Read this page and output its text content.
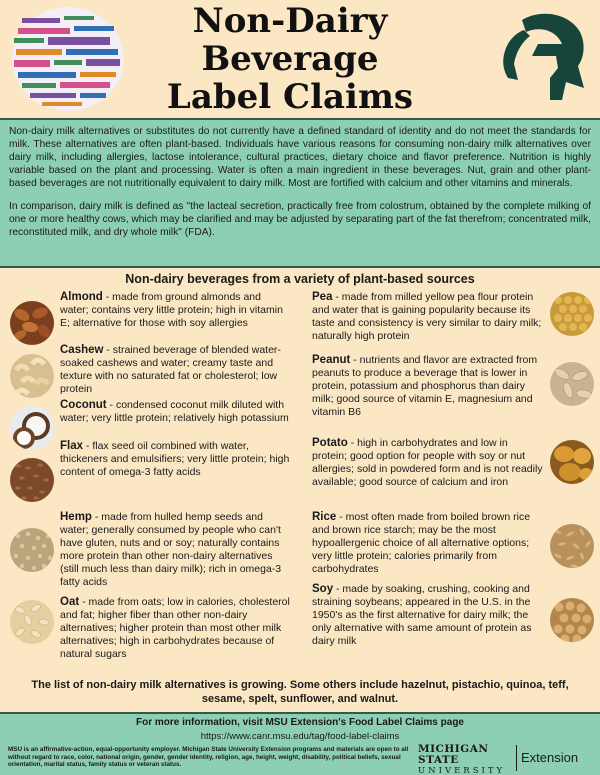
Non-Dairy
Beverage
Label Claims

Non-dairy milk alternatives or substitutes do not currently have a defined standard of identity and do not meet the standards for milk. These alternatives are often plant-based. Individuals have various reasons for consuming non-dairy milk alternatives over dairy milk, including allergies, lactose intolerance, cultural practices, dietary choice and flavor preference. Nutrition is highly variable based on the plant and processing. Water is often a main ingredient in these beverages. Nut, grain and other plant-based beverages are not nutritionally equivalent to dairy milk. Most are fortified with calcium and other vitamins and minerals.

In comparison, dairy milk is defined as "the lacteal secretion, practically free from colostrum, obtained by the complete milking of one or more healthy cows, which may be clarified and may be adjusted by separating part of the fat therefrom; concentrated milk, reconstituted milk, and dry whole milk" (FDA).

Non-dairy beverages from a variety of plant-based sources
Almond - made from ground almonds and water; contains very little protein; high in vitamin E; alternative for those with soy allergies
Cashew - strained beverage of blended water-soaked cashews and water; creamy taste and texture with no saturated fat or cholesterol; low protein
Coconut - condensed coconut milk diluted with water; very little protein; relatively high potassium
Flax - flax seed oil combined with water, thickeners and emulsifiers; very little protein; high content of omega-3 fatty acids
Hemp - made from hulled hemp seeds and water; generally consumed by people who can't have gluten, nuts and or soy; naturally contains more protein than other non-dairy alternatives (still much less than dairy milk); rich in omega-3 fatty acids
Oat - made from oats; low in calories, cholesterol and fat; higher fiber than other non-dairy alternatives; higher protein than most other milk alternatives; high in carbohydrates because of natural sugars
Pea - made from milled yellow pea flour protein and water that is gaining popularity because its taste and consistency is very similar to dairy milk; naturally high protein
Peanut - nutrients and flavor are extracted from peanuts to produce a beverage that is lower in protein, potassium and phosphorus than dairy milk; good source of vitamin E, magnesium and vitamin B6
Potato - high in carbohydrates and low in protein; good option for people with soy or nut allergies; sold in powdered form and is not readily available; good source of calcium and iron
Rice - most often made from boiled brown rice and brown rice starch; may be the most hypoallergenic choice of all alternative options; very little protein; calories primarily from carbohydrates
Soy - made by soaking, crushing, cooking and straining soybeans; appeared in the U.S. in the 1950's as the first alternative for dairy milk; the only alternative with same amount of protein as dairy milk
The list of non-dairy milk alternatives is growing. Some others include hazelnut, pistachio, quinoa, teff, sesame, spelt, sunflower, and walnut.
For more information, visit MSU Extension's Food Label Claims page
https://www.canr.msu.edu/tag/food-label-claims
MSU is an affirmative-action, equal-opportunity employer. Michigan State University Extension programs and materials are open to all without regard to race, color, national origin, gender, gender identity, religion, age, height, weight, disability, political beliefs, sexual orientation, marital status, family status or veteran status.
MICHIGAN STATE
UNIVERSITY
Extension
